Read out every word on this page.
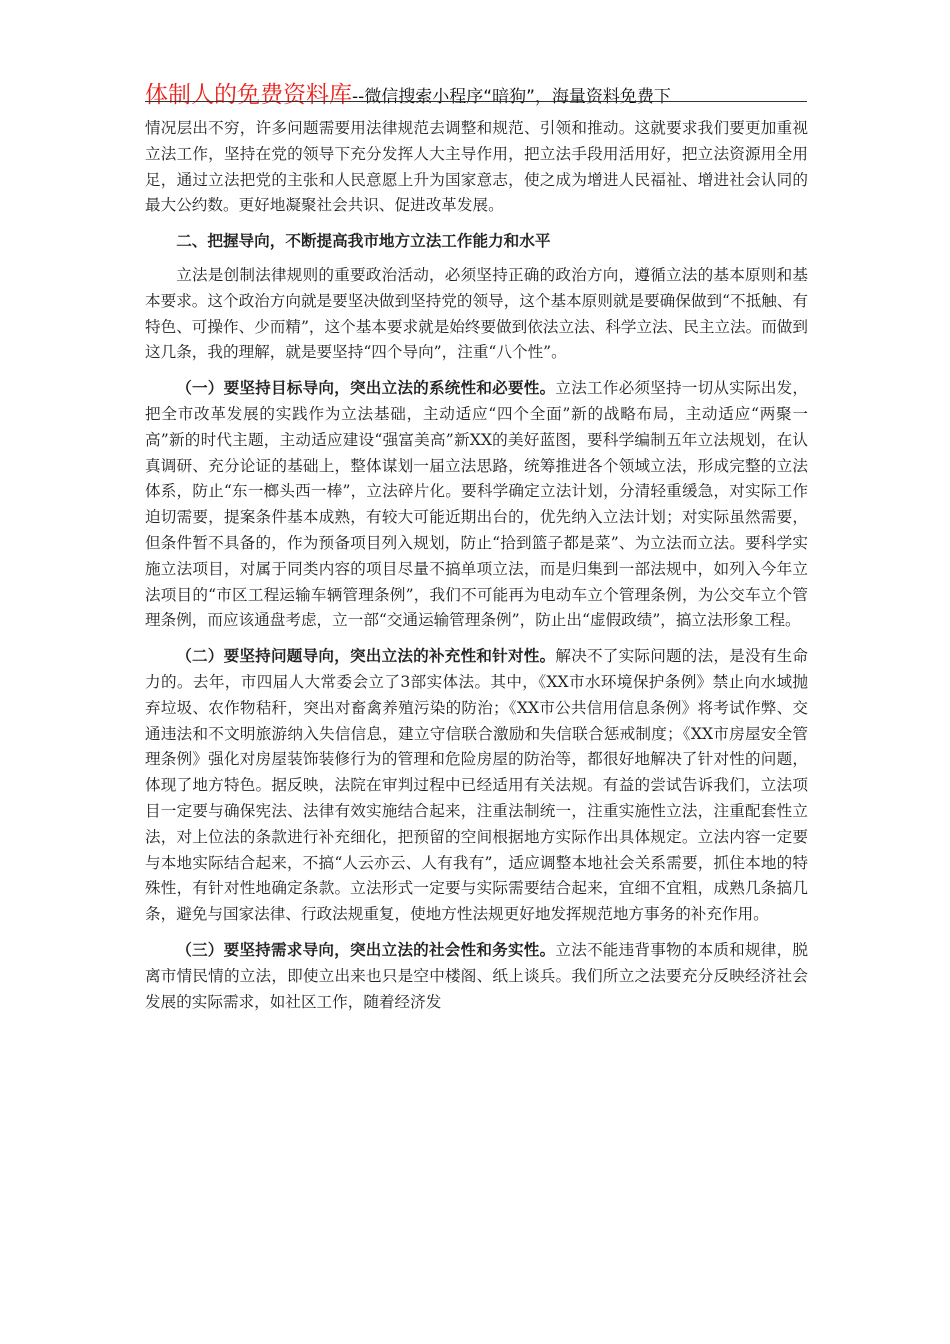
体制人的免费资料库--微信搜索小程序“暗狗”，海量资料免费下

情况层出不穷，许多问题需要用法律规范去调整和规范、引领和推动。这就要求我们要更加重视立法工作，坚持在党的领导下充分发挥人大主导作用，把立法手段用活用好，把立法资源用全用足，通过立法把党的主张和人民意愿上升为国家意志，使之成为增进人民福祉、增进社会认同的最大公约数。更好地凝聚社会共识、促进改革发展。

二、把握导向，不断提高我市地方立法工作能力和水平

立法是创制法律规则的重要政治活动，必须坚持正确的政治方向，遵循立法的基本原则和基本要求。这个政治方向就是要坚决做到坚持党的领导，这个基本原则就是要确保做到“不抵触、有特色、可操作、少而精”，这个基本要求就是始终要做到依法立法、科学立法、民主立法。而做到这几条，我的理解，就是要坚持“四个导向”，注重“八个性”。

（一）要坚持目标导向，突出立法的系统性和必要性。立法工作必须坚持一切从实际出发，把全市改革发展的实践作为立法基础，主动适应“四个全面”新的战略布局，主动适应“两聚一高”新的时代主题，主动适应建设“强富美高”新XX的美好蓝图，要科学编制五年立法规划，在认真调研、充分论证的基础上，整体谋划一届立法思路，统筹推进各个领域立法，形成完整的立法体系，防止“东一榔头西一棒”，立法碎片化。要科学确定立法计划，分清轻重缓急，对实际工作迫切需要，提案条件基本成熟，有较大可能近期出台的，优先纳入立法计划；对实际虽然需要，但条件暂不具备的，作为预备项目列入规划，防止“拾到篮子都是菜”、为立法而立法。要科学实施立法项目，对属于同类内容的项目尽量不搞单项立法，而是归集到一部法规中，如列入今年立法项目的“市区工程运输车辆管理条例”，我们不可能再为电动车立个管理条例，为公交车立个管理条例，而应该通盘考虑，立一部“交通运输管理条例”，防止出“虚假政绩”，搞立法形象工程。

（二）要坚持问题导向，突出立法的补充性和针对性。解决不了实际问题的法，是没有生命力的。去年，市四届人大常委会立了3部实体法。其中，《XX市水环境保护条例》禁止向水域抛弃垃圾、农作物秸秆，突出对畜禽养殖污染的防治；《XX市公共信用信息条例》将考试作弊、交通违法和不文明旅游纳入失信信息，建立守信联合激励和失信联合惩戒制度；《XX市房屋安全管理条例》强化对房屋装饰装修行为的管理和危险房屋的防治等，都很好地解决了针对性的问题，体现了地方特色。据反映，法院在审判过程中已经适用有关法规。有益的尝试告诉我们，立法项目一定要与确保宪法、法律有效实施结合起来，注重法制统一，注重实施性立法，注重配套性立法，对上位法的条款进行补充细化，把预留的空间根据地方实际作出具体规定。立法内容一定要与本地实际结合起来，不搞“人云亦云、人有我有”，适应调整本地社会关系需要，抓住本地的特殊性，有针对性地确定条款。立法形式一定要与实际需要结合起来，宜细不宜粗，成熟几条搞几条，避免与国家法律、行政法规重复，使地方性法规更好地发挥规范地方事务的补充作用。

（三）要坚持需求导向，突出立法的社会性和务实性。立法不能违背事物的本质和规律，脱离市情民情的立法，即使立出来也只是空中楼阁、纸上谈兵。我们所立之法要充分反映经济社会发展的实际需求，如社区工作，随着经济发
